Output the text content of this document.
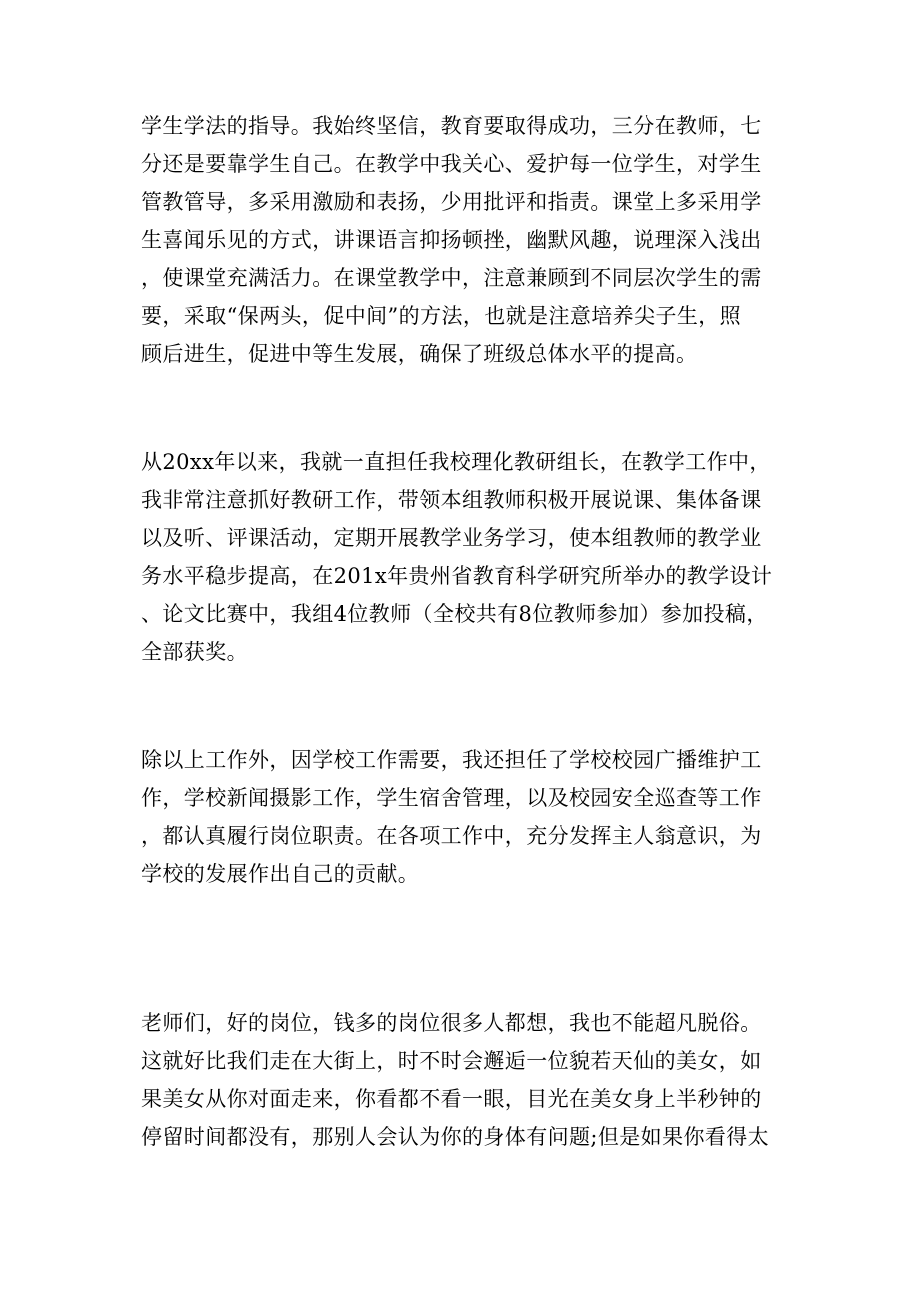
学生学法的指导。我始终坚信，教育要取得成功，三分在教师，七
分还是要靠学生自己。在教学中我关心、爱护每一位学生，对学生
管教管导，多采用激励和表扬，少用批评和指责。课堂上多采用学
生喜闻乐见的方式，讲课语言抑扬顿挫，幽默风趣，说理深入浅出
，使课堂充满活力。在课堂教学中，注意兼顾到不同层次学生的需
要，采取“保两头，促中间”的方法，也就是注意培养尖子生，照
顾后进生，促进中等生发展，确保了班级总体水平的提高。
从20xx年以来，我就一直担任我校理化教研组长，在教学工作中，
我非常注意抓好教研工作，带领本组教师积极开展说课、集体备课
以及听、评课活动，定期开展教学业务学习，使本组教师的教学业
务水平稳步提高，在201x年贵州省教育科学研究所举办的教学设计
、论文比赛中，我组4位教师（全校共有8位教师参加）参加投稿，
全部获奖。
除以上工作外，因学校工作需要，我还担任了学校校园广播维护工
作，学校新闻摄影工作，学生宿舍管理，以及校园安全巡查等工作
，都认真履行岗位职责。在各项工作中，充分发挥主人翁意识，为
学校的发展作出自己的贡献。
老师们，好的岗位，钱多的岗位很多人都想，我也不能超凡脱俗。
这就好比我们走在大街上，时不时会邂逅一位貌若天仙的美女，如
果美女从你对面走来，你看都不看一眼，目光在美女身上半秒钟的
停留时间都没有，那别人会认为你的身体有问题;但是如果你看得太
